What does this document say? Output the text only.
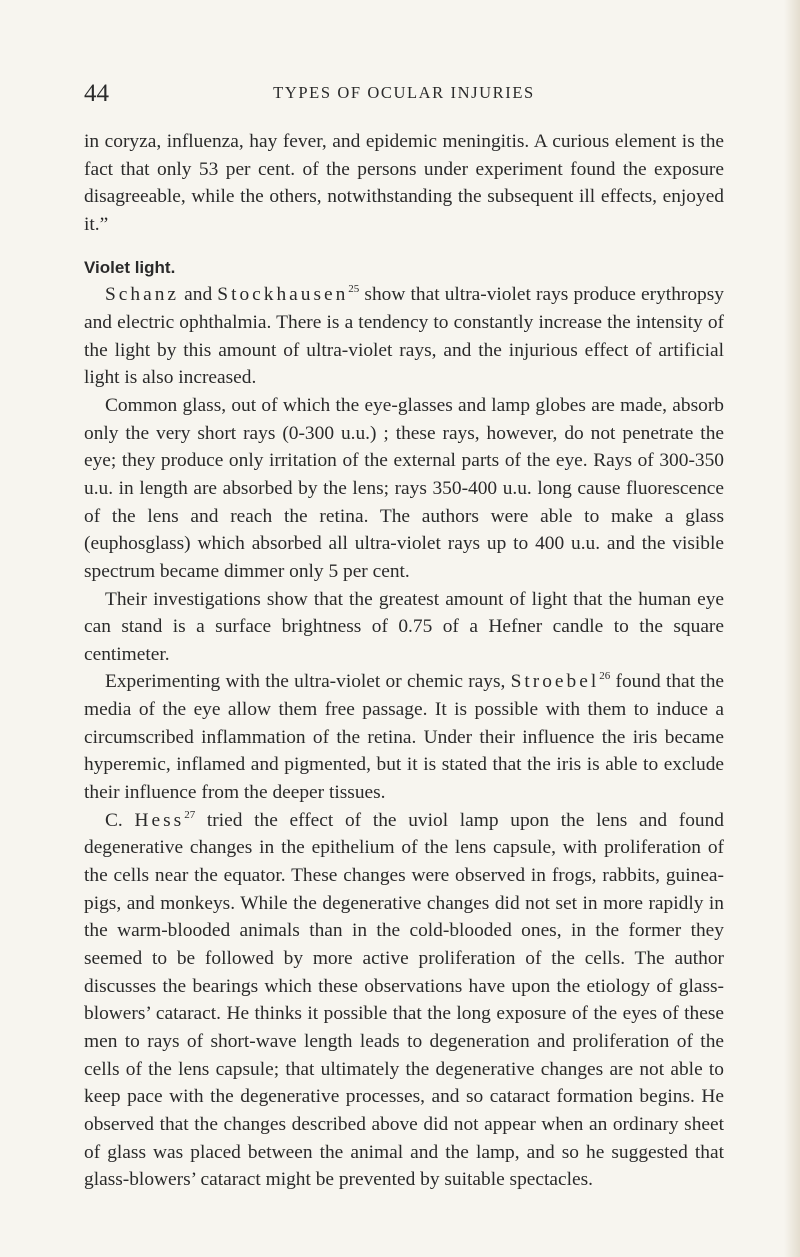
44	TYPES OF OCULAR INJURIES

in coryza, influenza, hay fever, and epidemic meningitis. A curious element is the fact that only 53 per cent. of the persons under experiment found the exposure disagreeable, while the others, notwithstanding the subsequent ill effects, enjoyed it.”

Violet light.

Schanz and Stockhausen$^{25}$ show that ultra-violet rays produce erythropsy and electric ophthalmia. There is a tendency to constantly increase the intensity of the light by this amount of ultra-violet rays, and the injurious effect of artificial light is also increased.

Common glass, out of which the eye-glasses and lamp globes are made, absorb only the very short rays (0-300 u.u.) ; these rays, however, do not penetrate the eye; they produce only irritation of the external parts of the eye. Rays of 300-350 u.u. in length are absorbed by the lens; rays 350-400 u.u. long cause fluorescence of the lens and reach the retina. The authors were able to make a glass (euphosglass) which absorbed all ultra-violet rays up to 400 u.u. and the visible spectrum became dimmer only 5 per cent.

Their investigations show that the greatest amount of light that the human eye can stand is a surface brightness of 0.75 of a Hefner candle to the square centimeter.

Experimenting with the ultra-violet or chemic rays, Stroebel$^{26}$ found that the media of the eye allow them free passage. It is possible with them to induce a circumscribed inflammation of the retina. Under their influence the iris became hyperemic, inflamed and pigmented, but it is stated that the iris is able to exclude their influence from the deeper tissues.

C. Hess$^{27}$ tried the effect of the uviol lamp upon the lens and found degenerative changes in the epithelium of the lens capsule, with proliferation of the cells near the equator. These changes were observed in frogs, rabbits, guinea-pigs, and monkeys. While the degenerative changes did not set in more rapidly in the warm-blooded animals than in the cold-blooded ones, in the former they seemed to be followed by more active proliferation of the cells. The author discusses the bearings which these observations have upon the etiology of glass-blowers’ cataract. He thinks it possible that the long exposure of the eyes of these men to rays of short-wave length leads to degeneration and proliferation of the cells of the lens capsule; that ultimately the degenerative changes are not able to keep pace with the degenerative processes, and so cataract formation begins. He observed that the changes described above did not appear when an ordinary sheet of glass was placed between the animal and the lamp, and so he suggested that glass-blowers’ cataract might be prevented by suitable spectacles.
